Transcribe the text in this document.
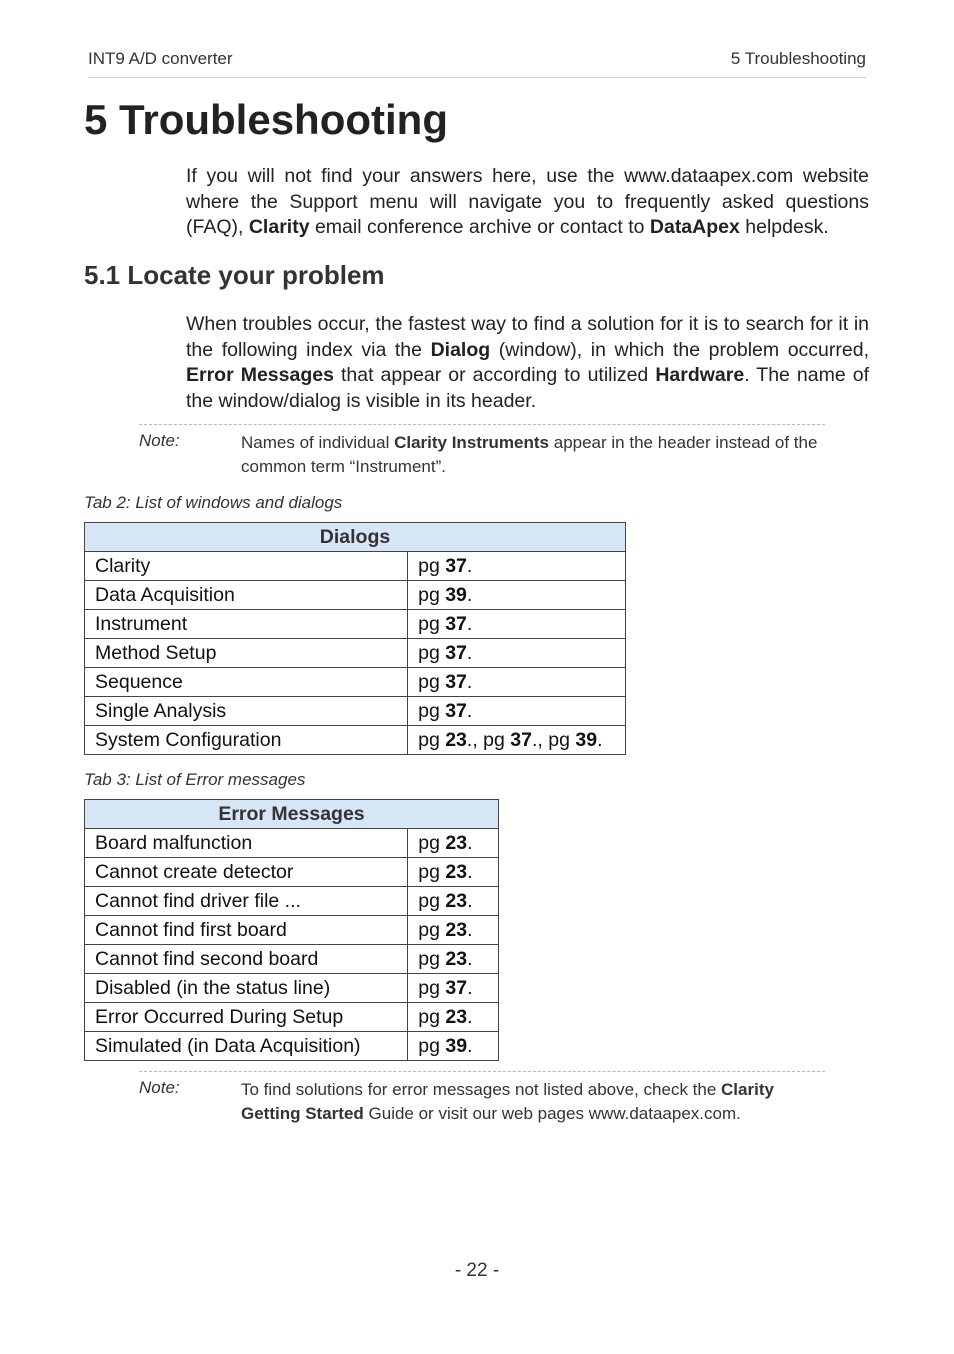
INT9 A/D converter	5 Troubleshooting
5 Troubleshooting
If you will not find your answers here, use the www.dataapex.com website where the Support menu will navigate you to frequently asked questions (FAQ), Clarity email conference archive or contact to DataApex helpdesk.
5.1 Locate your problem
When troubles occur, the fastest way to find a solution for it is to search for it in the following index via the Dialog (window), in which the problem occurred, Error Messages that appear or according to utilized Hardware. The name of the window/dialog is visible in its header.
Note:	Names of individual Clarity Instruments appear in the header instead of the common term “Instrument”.
Tab 2: List of windows and dialogs
Dialogs	
Clarity	pg 37.
Data Acquisition	pg 39.
Instrument	pg 37.
Method Setup	pg 37.
Sequence	pg 37.
Single Analysis	pg 37.
System Configuration	pg 23., pg 37., pg 39.
Tab 3: List of Error messages
Error Messages	
Board malfunction	pg 23.
Cannot create detector	pg 23.
Cannot find driver file ...	pg 23.
Cannot find first board	pg 23.
Cannot find second board	pg 23.
Disabled (in the status line)	pg 37.
Error Occurred During Setup	pg 23.
Simulated (in Data Acquisition)	pg 39.
Note:	To find solutions for error messages not listed above, check the Clarity Getting Started Guide or visit our web pages www.dataapex.com.
- 22 -
